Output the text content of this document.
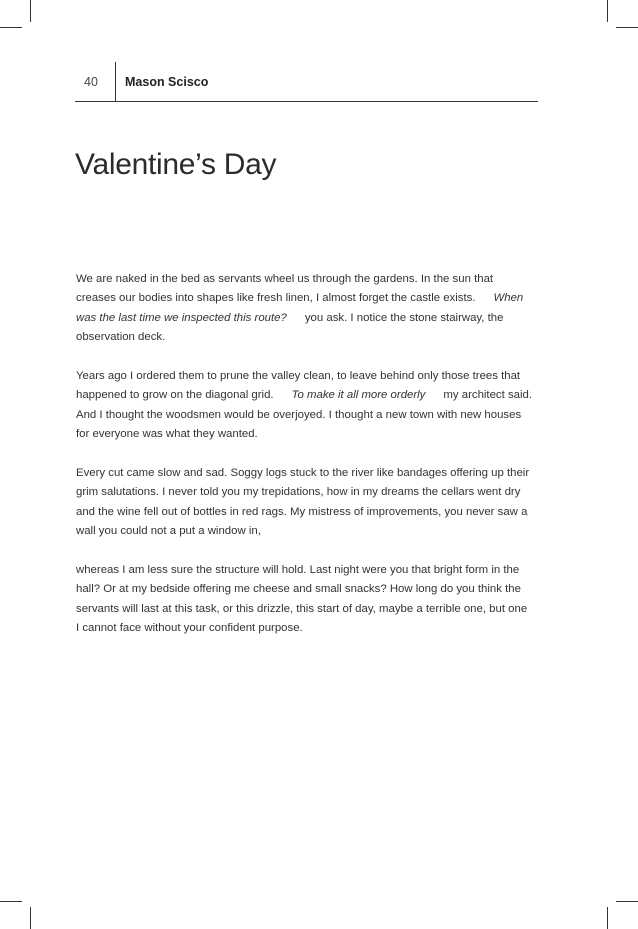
40 Mason Scisco
Valentine’s Day

We are naked in the bed as servants wheel us through the gardens. In the sun that
creases our bodies into shapes like fresh linen, I almost forget the castle exists. When
was the last time we inspected this route? you ask. I notice the stone stairway, the
observation deck.

Years ago I ordered them to prune the valley clean, to leave behind only those trees that
happened to grow on the diagonal grid. To make it all more orderly my architect said.
And I thought the woodsmen would be overjoyed. I thought a new town with new houses
for everyone was what they wanted.

Every cut came slow and sad. Soggy logs stuck to the river like bandages offering up their
grim salutations. I never told you my trepidations, how in my dreams the cellars went dry
and the wine fell out of bottles in red rags. My mistress of improvements, you never saw a
wall you could not a put a window in,

whereas I am less sure the structure will hold. Last night were you that bright form in the
hall? Or at my bedside offering me cheese and small snacks? How long do you think the
servants will last at this task, or this drizzle, this start of day, maybe a terrible one, but one
I cannot face without your confident purpose.
